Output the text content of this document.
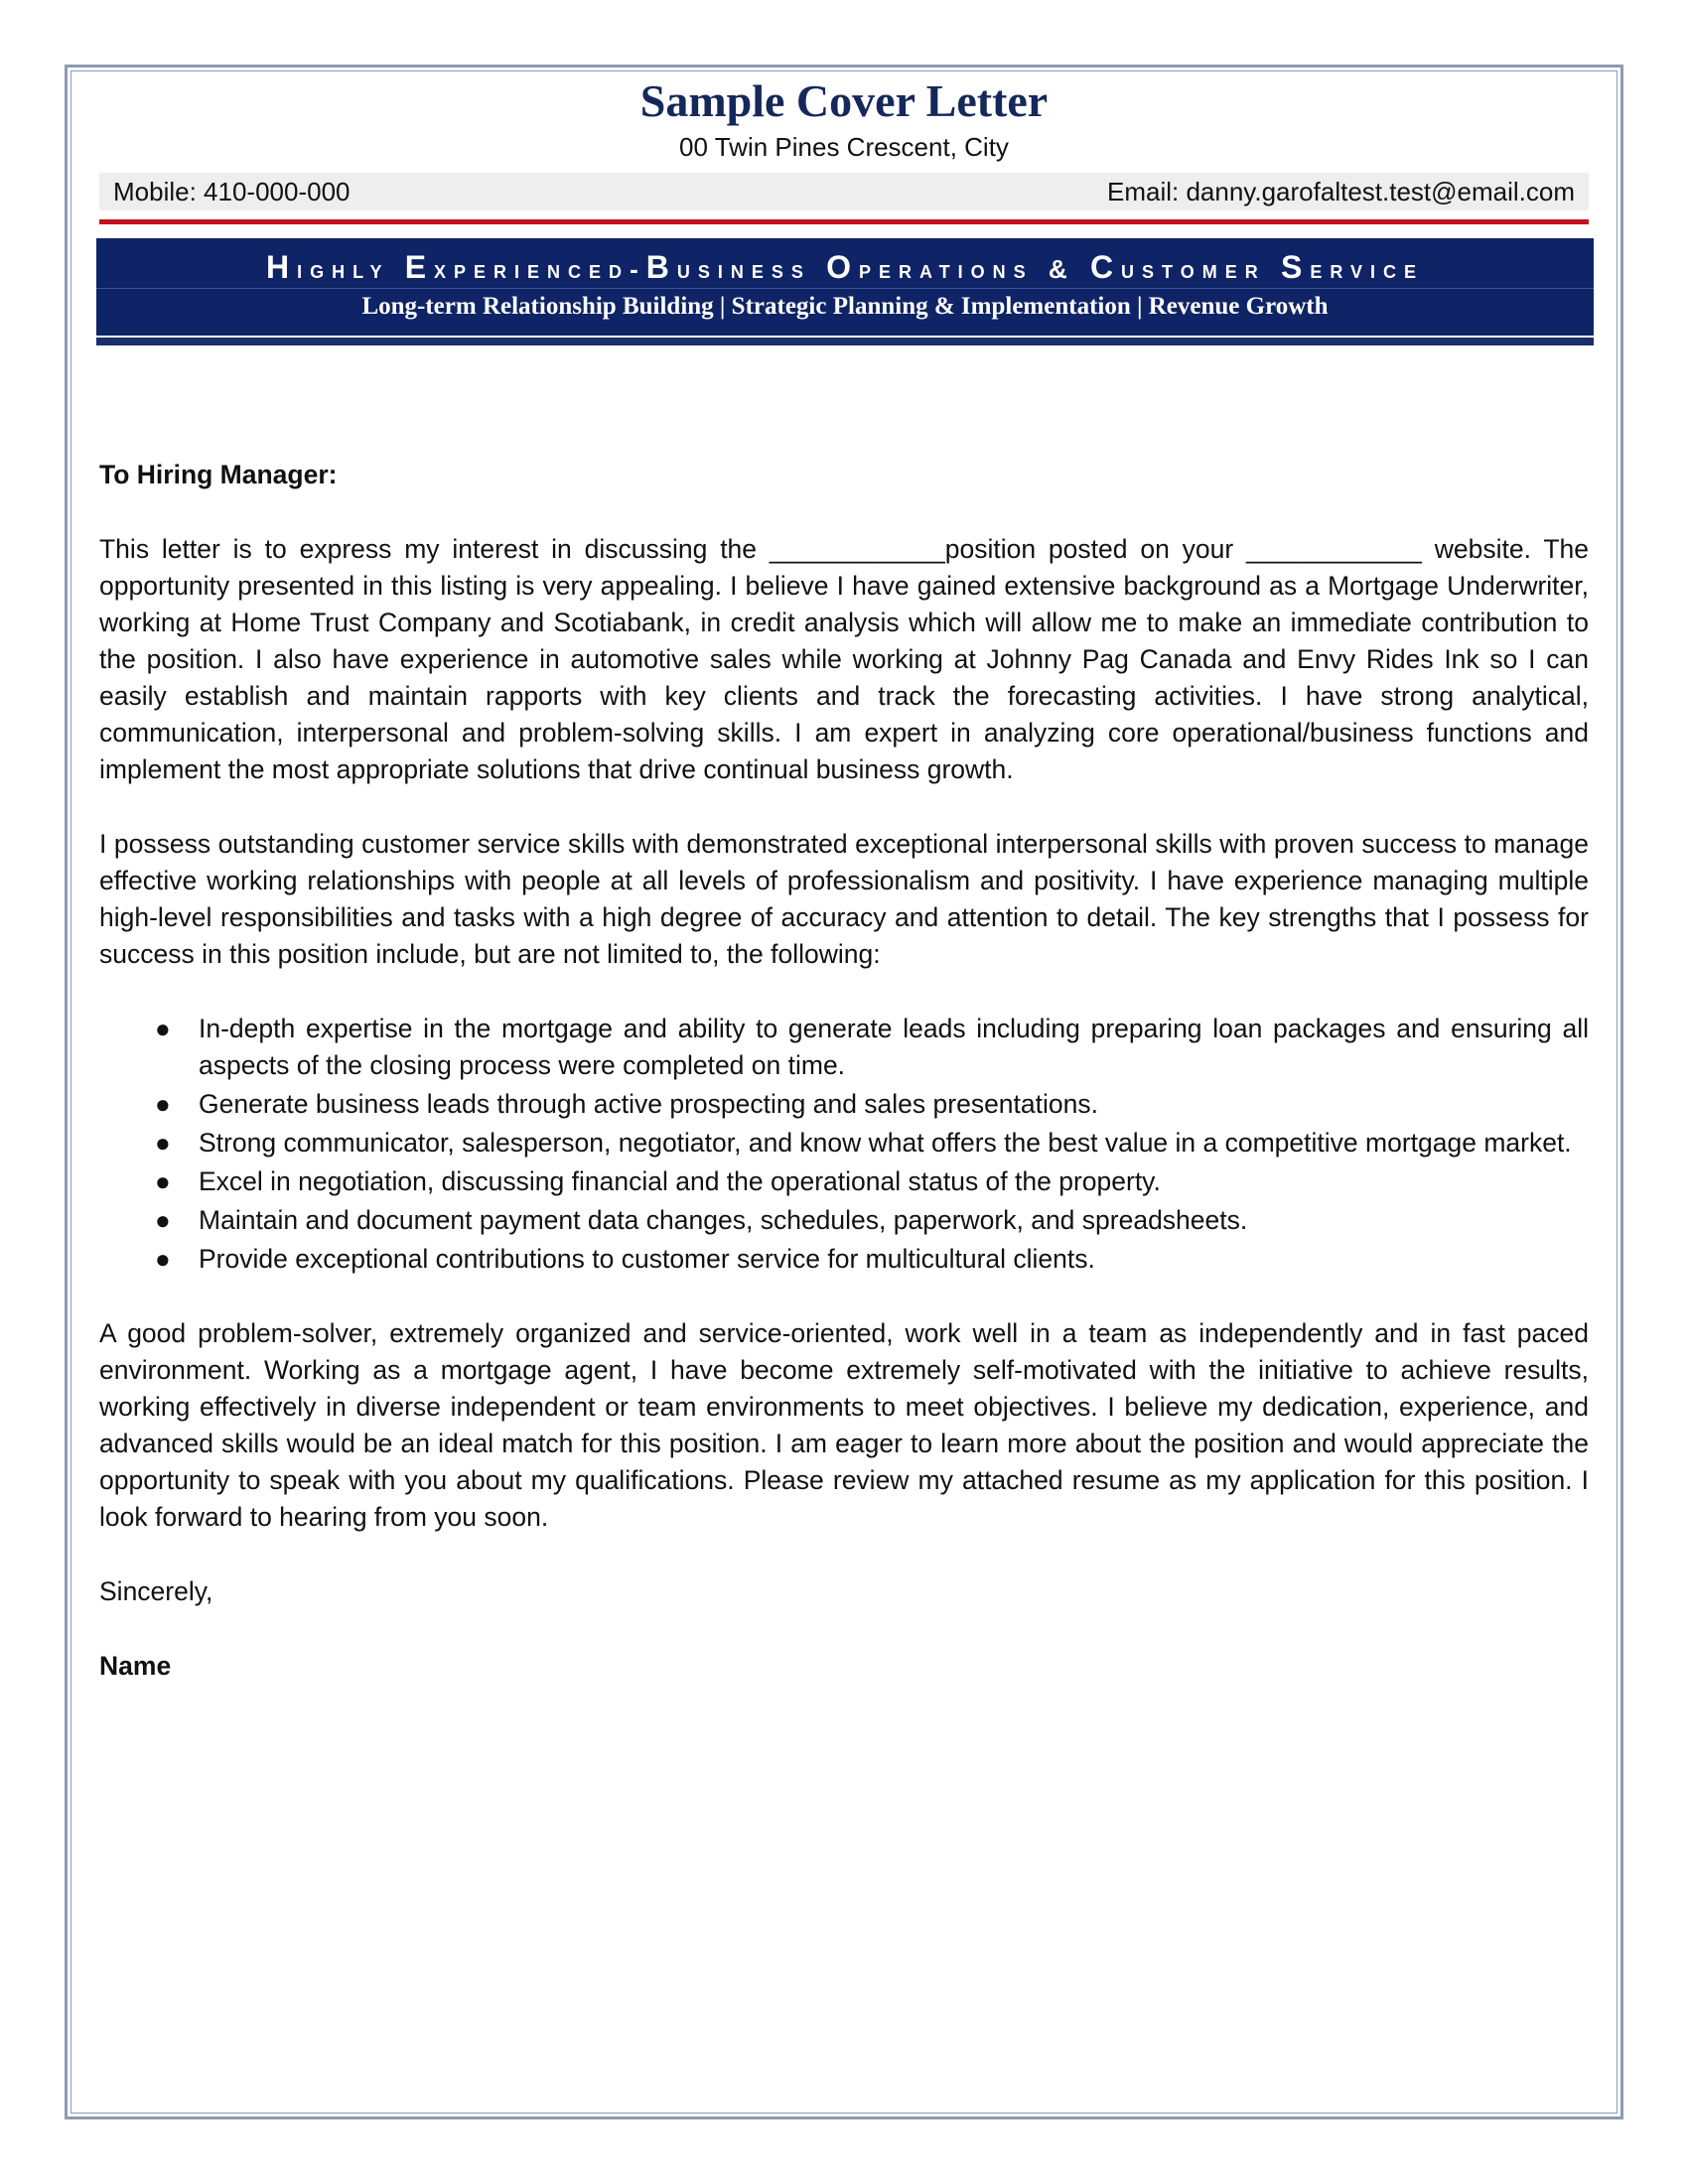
Sample Cover Letter
00 Twin Pines Crescent, City
Mobile: 410-000-000	Email: danny.garofaltest.test@email.com
Highly Experienced-Business Operations & Customer Service
Long-term Relationship Building | Strategic Planning & Implementation | Revenue Growth

To Hiring Manager:

This letter is to express my interest in discussing the ____________position posted on your ____________ website. The opportunity presented in this listing is very appealing. I believe I have gained extensive background as a Mortgage Underwriter, working at Home Trust Company and Scotiabank, in credit analysis which will allow me to make an immediate contribution to the position. I also have experience in automotive sales while working at Johnny Pag Canada and Envy Rides Ink so I can easily establish and maintain rapports with key clients and track the forecasting activities. I have strong analytical, communication, interpersonal and problem-solving skills. I am expert in analyzing core operational/business functions and implement the most appropriate solutions that drive continual business growth.

I possess outstanding customer service skills with demonstrated exceptional interpersonal skills with proven success to manage effective working relationships with people at all levels of professionalism and positivity. I have experience managing multiple high-level responsibilities and tasks with a high degree of accuracy and attention to detail. The key strengths that I possess for success in this position include, but are not limited to, the following:

● In-depth expertise in the mortgage and ability to generate leads including preparing loan packages and ensuring all aspects of the closing process were completed on time.
● Generate business leads through active prospecting and sales presentations.
● Strong communicator, salesperson, negotiator, and know what offers the best value in a competitive mortgage market.
● Excel in negotiation, discussing financial and the operational status of the property.
● Maintain and document payment data changes, schedules, paperwork, and spreadsheets.
● Provide exceptional contributions to customer service for multicultural clients.

A good problem-solver, extremely organized and service-oriented, work well in a team as independently and in fast paced environment. Working as a mortgage agent, I have become extremely self-motivated with the initiative to achieve results, working effectively in diverse independent or team environments to meet objectives. I believe my dedication, experience, and advanced skills would be an ideal match for this position. I am eager to learn more about the position and would appreciate the opportunity to speak with you about my qualifications. Please review my attached resume as my application for this position. I look forward to hearing from you soon.

Sincerely,

Name
